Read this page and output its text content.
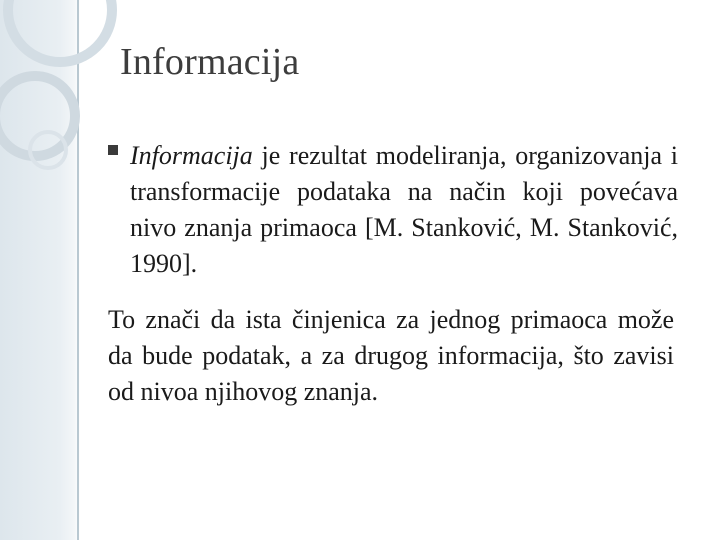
Informacija
Informacija je rezultat modeliranja, organizovanja i transformacije podataka na način koji povećava nivo znanja primaoca [M. Stanković, M. Stanković, 1990].
To znači da ista činjenica za jednog primaoca može da bude podatak, a za drugog informacija, što zavisi od nivoa njihovog znanja.
